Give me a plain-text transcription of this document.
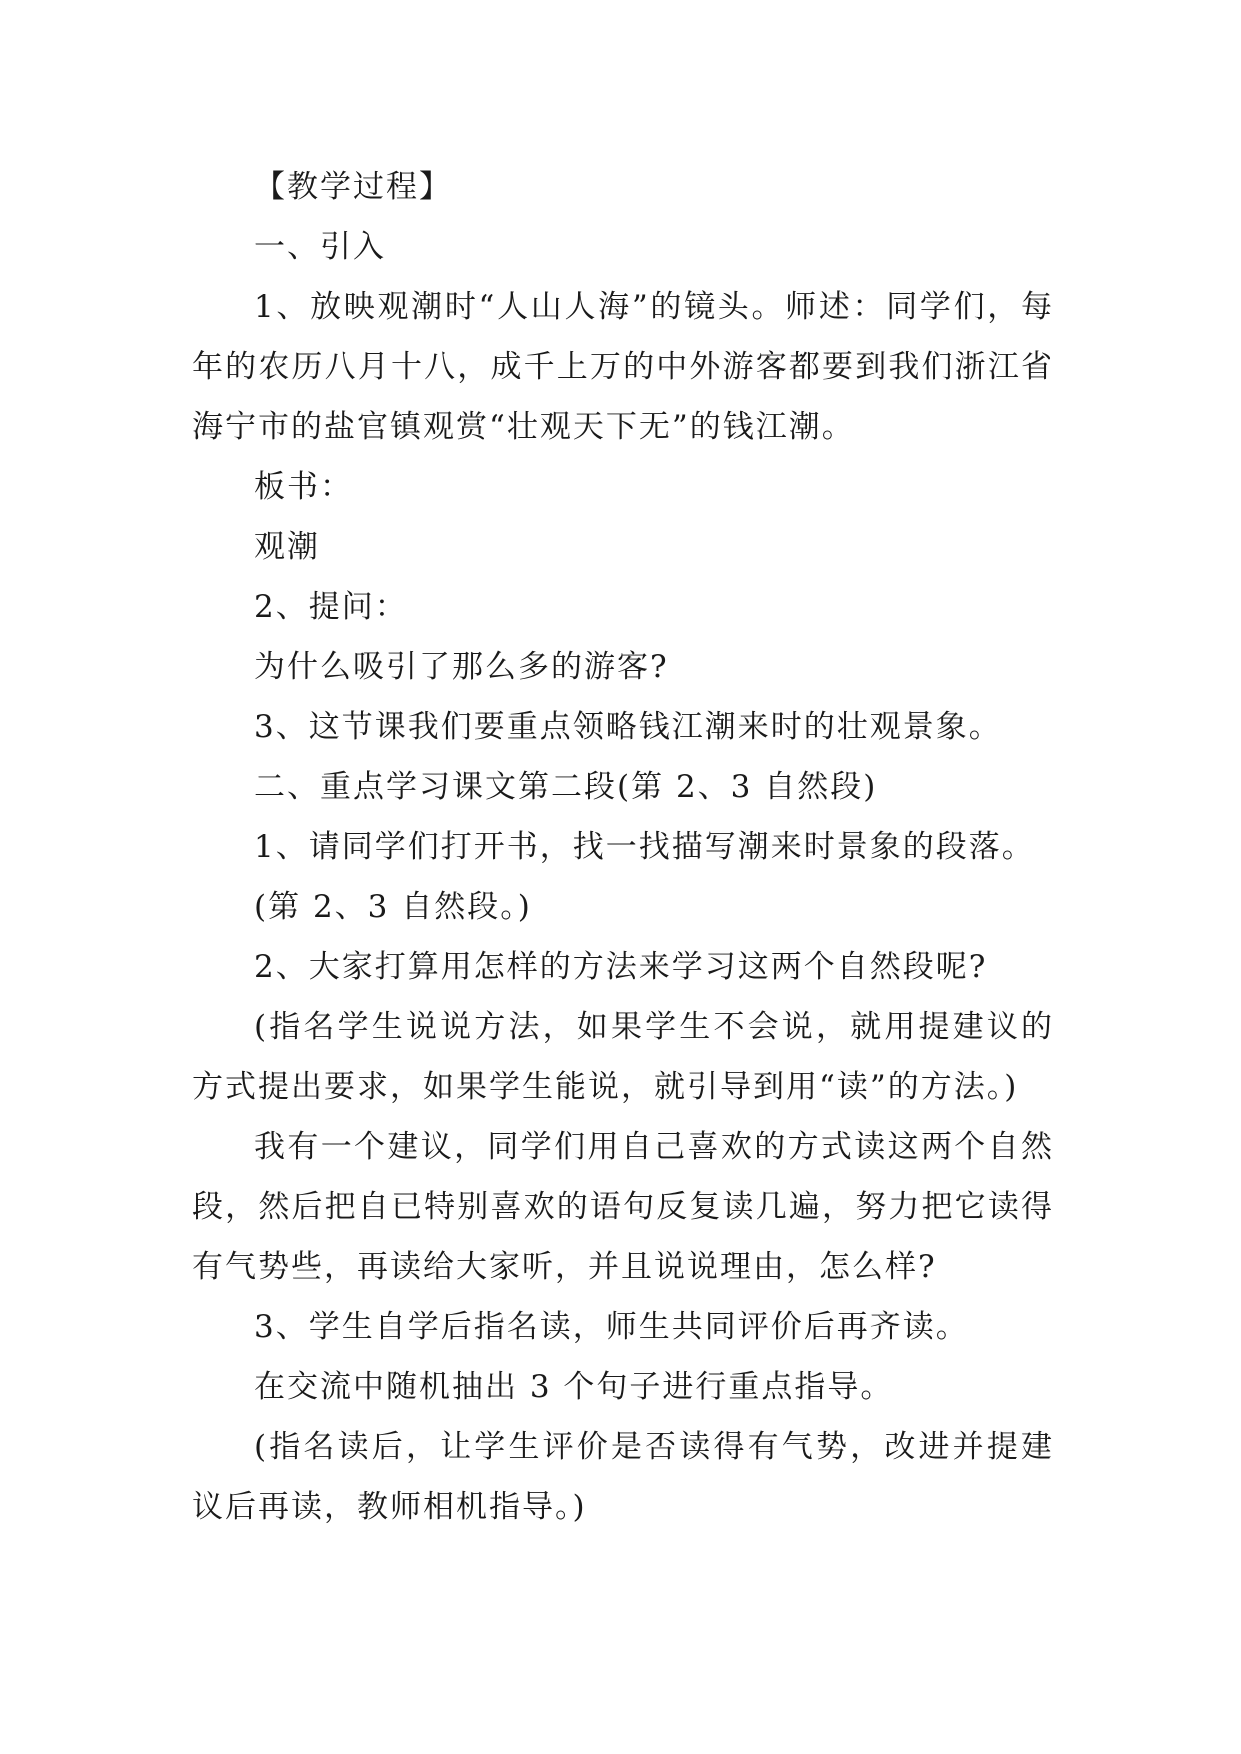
【教学过程】

一、引入

1、放映观潮时“人山人海”的镜头。师述：同学们，每年的农历八月十八，成千上万的中外游客都要到我们浙江省海宁市的盐官镇观赏“壮观天下无”的钱江潮。

板书：

观潮

2、提问：

为什么吸引了那么多的游客?

3、这节课我们要重点领略钱江潮来时的壮观景象。

二、重点学习课文第二段(第 2、3 自然段)

1、请同学们打开书，找一找描写潮来时景象的段落。

(第 2、3 自然段。)

2、大家打算用怎样的方法来学习这两个自然段呢?

(指名学生说说方法，如果学生不会说，就用提建议的方式提出要求，如果学生能说，就引导到用“读”的方法。)

我有一个建议，同学们用自己喜欢的方式读这两个自然段，然后把自已特别喜欢的语句反复读几遍，努力把它读得有气势些，再读给大家听，并且说说理由，怎么样?

3、学生自学后指名读，师生共同评价后再齐读。

在交流中随机抽出 3 个句子进行重点指导。

(指名读后，让学生评价是否读得有气势，改进并提建议后再读，教师相机指导。)
